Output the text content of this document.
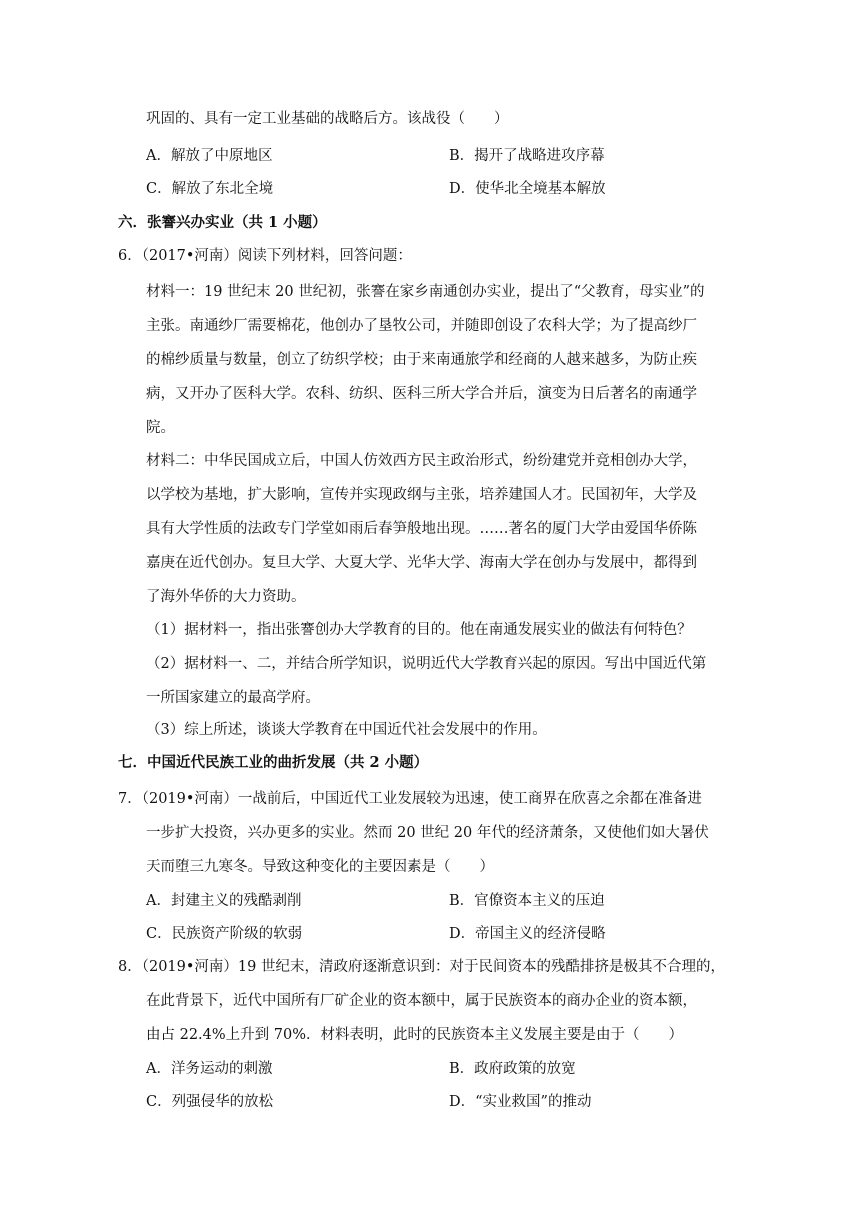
巩固的、具有一定工业基础的战略后方。该战役（　　）
A．解放了中原地区	B．揭开了战略进攻序幕
C．解放了东北全境	D．使华北全境基本解放
六．张謇兴办实业（共 1 小题）
6．（2017•河南）阅读下列材料，回答问题：
材料一：19 世纪末 20 世纪初，张謇在家乡南通创办实业，提出了“父教育，母实业”的
主张。南通纱厂需要棉花，他创办了垦牧公司，并随即创设了农科大学；为了提高纱厂
的棉纱质量与数量，创立了纺织学校；由于来南通旅学和经商的人越来越多，为防止疾
病，又开办了医科大学。农科、纺织、医科三所大学合并后，演变为日后著名的南通学
院。
材料二：中华民国成立后，中国人仿效西方民主政治形式，纷纷建党并竞相创办大学，
以学校为基地，扩大影响，宣传并实现政纲与主张，培养建国人才。民国初年，大学及
具有大学性质的法政专门学堂如雨后春笋般地出现。……著名的厦门大学由爱国华侨陈
嘉庚在近代创办。复旦大学、大夏大学、光华大学、海南大学在创办与发展中，都得到
了海外华侨的大力资助。
（1）据材料一，指出张謇创办大学教育的目的。他在南通发展实业的做法有何特色？
（2）据材料一、二，并结合所学知识，说明近代大学教育兴起的原因。写出中国近代第
一所国家建立的最高学府。
（3）综上所述，谈谈大学教育在中国近代社会发展中的作用。
七．中国近代民族工业的曲折发展（共 2 小题）
7．（2019•河南）一战前后，中国近代工业发展较为迅速，使工商界在欣喜之余都在准备进
一步扩大投资，兴办更多的实业。然而 20 世纪 20 年代的经济萧条，又使他们如大暑伏
天而堕三九寒冬。导致这种变化的主要因素是（　　）
A．封建主义的残酷剥削	B．官僚资本主义的压迫
C．民族资产阶级的软弱	D．帝国主义的经济侵略
8．（2019•河南）19 世纪末，清政府逐渐意识到：对于民间资本的残酷排挤是极其不合理的，
在此背景下，近代中国所有厂矿企业的资本额中，属于民族资本的商办企业的资本额，
由占 22.4%上升到 70%．材料表明，此时的民族资本主义发展主要是由于（　　）
A．洋务运动的刺激	B．政府政策的放宽
C．列强侵华的放松	D．“实业救国”的推动
